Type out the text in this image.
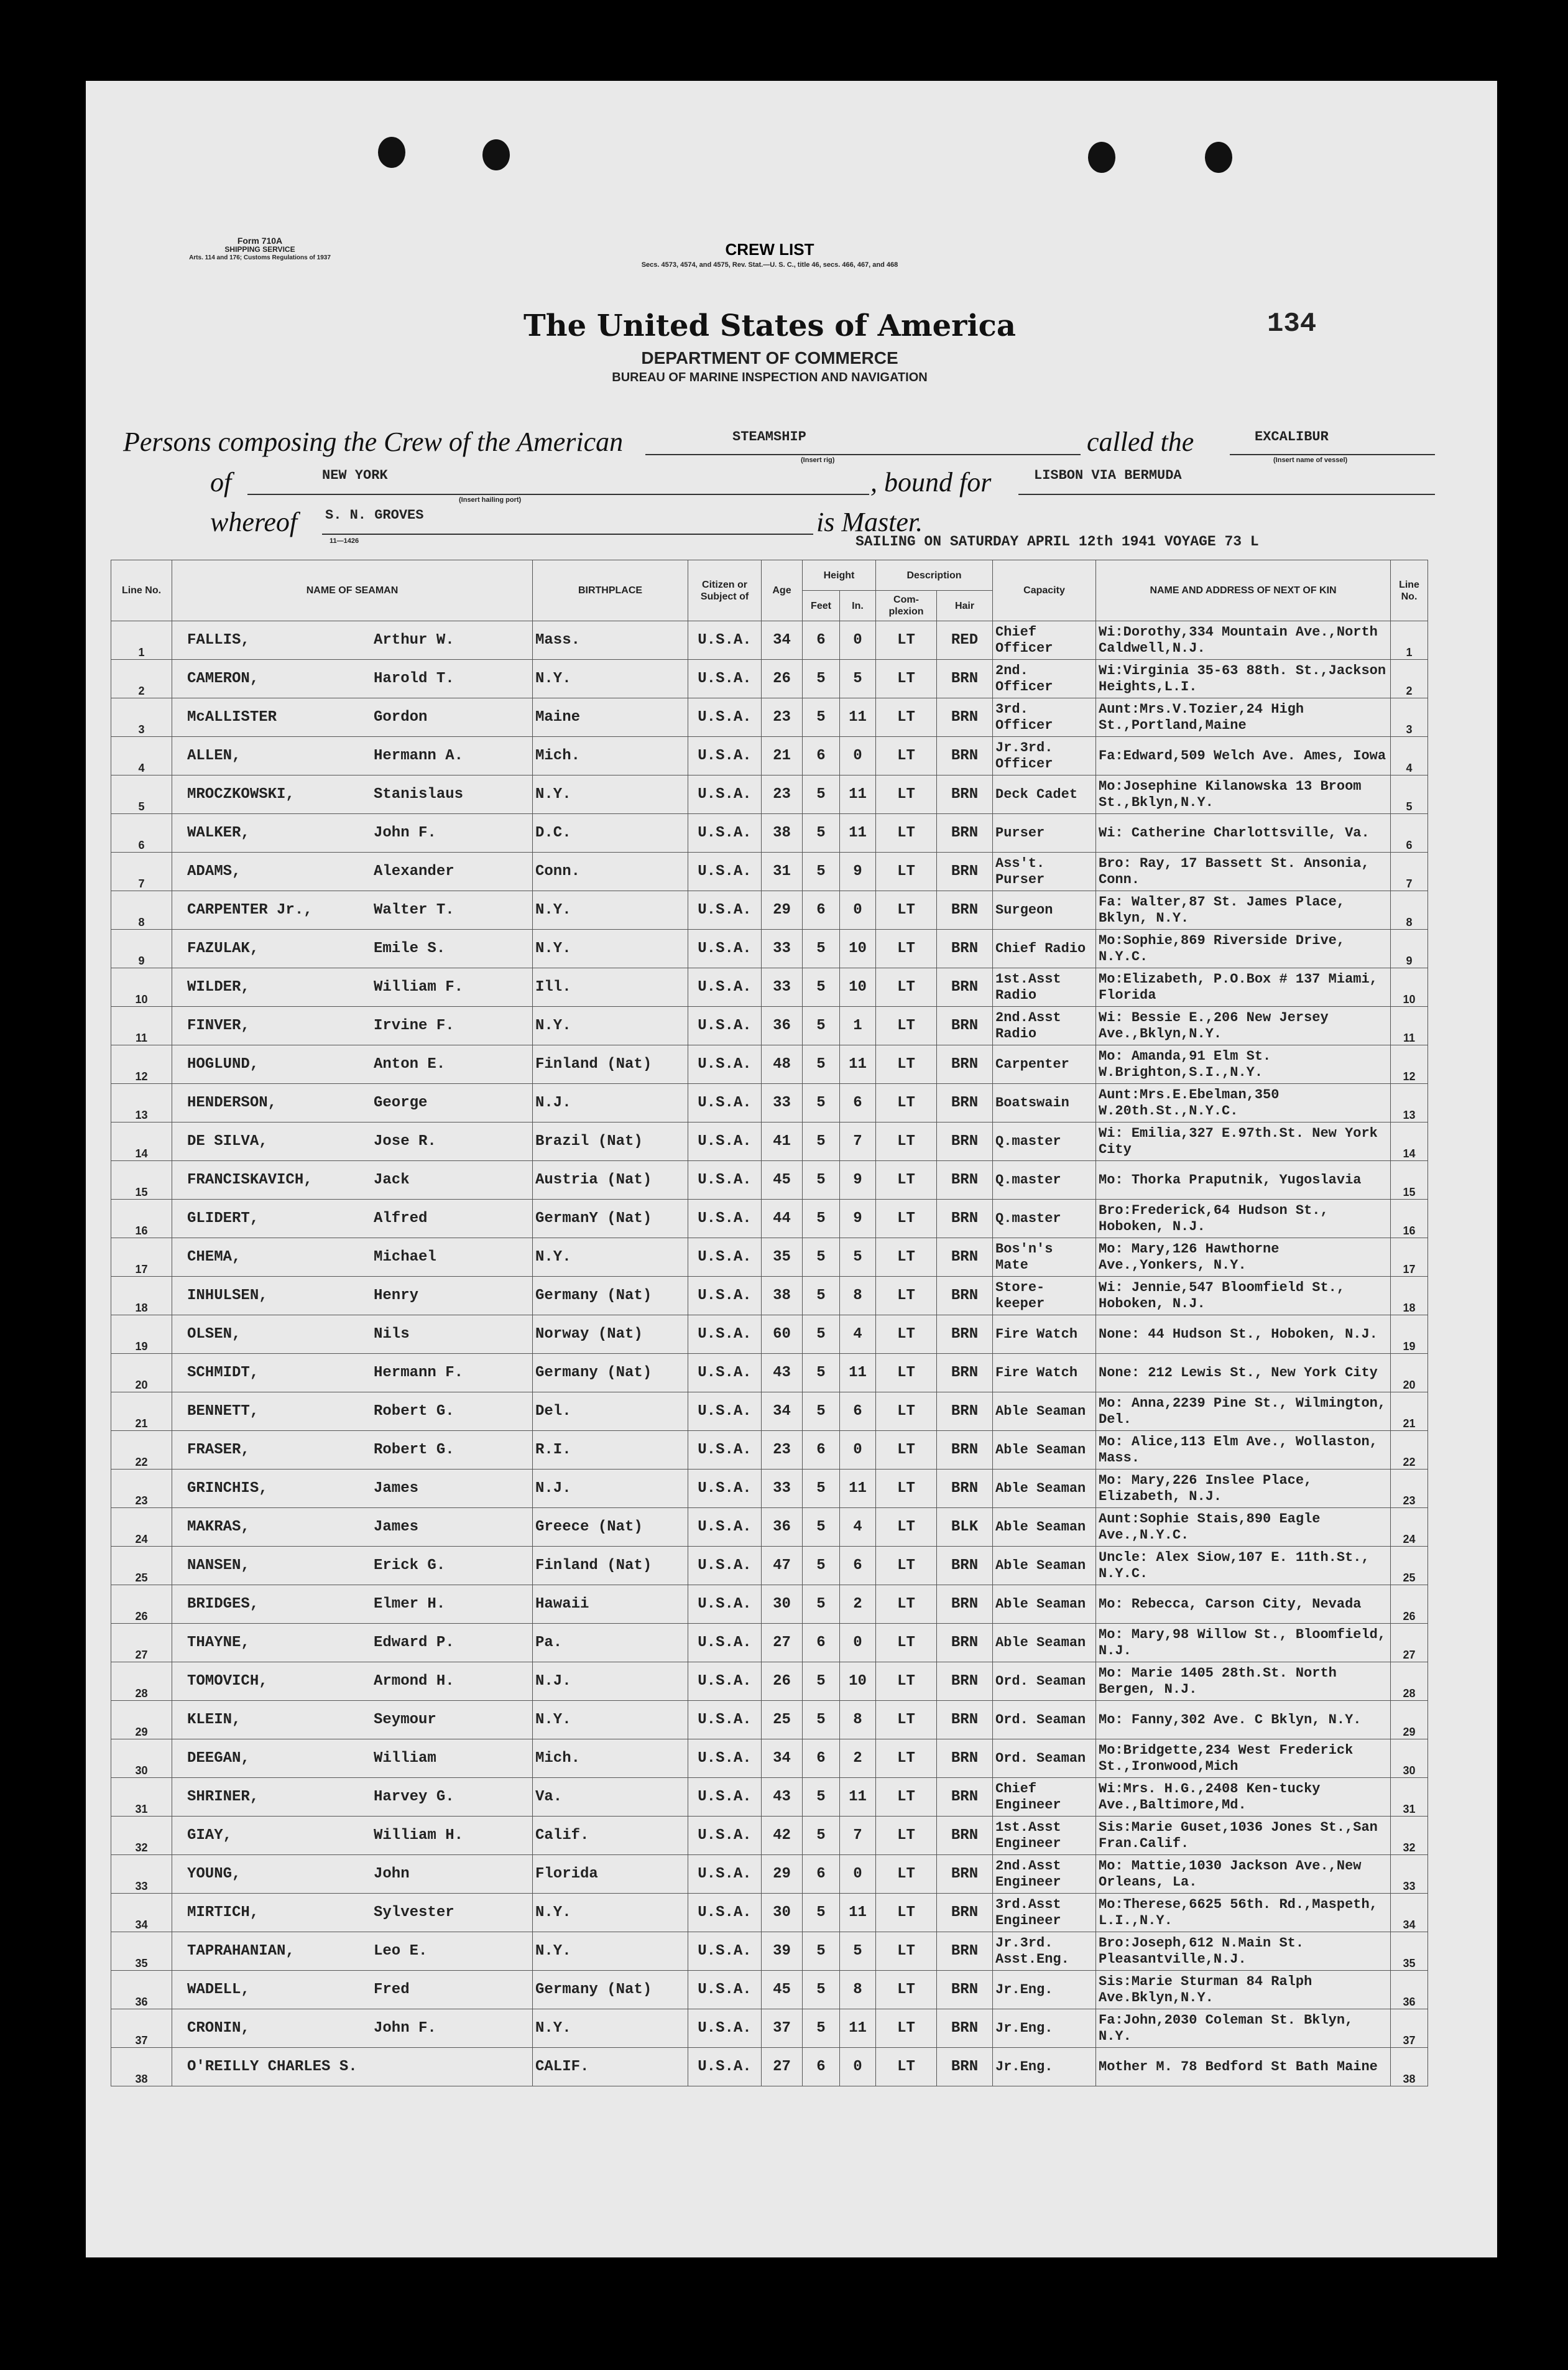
Form 710A
SHIPPING SERVICE
Arts. 114 and 176; Customs Regulations of 1937	CREW LIST
Secs. 4573, 4574, and 4575, Rev. Stat.—U. S. C., title 46, secs. 466, 467, and 468
The United States of America
DEPARTMENT OF COMMERCE
BUREAU OF MARINE INSPECTION AND NAVIGATION
134
Persons composing the Crew of the American	STEAMSHIP
(Insert rig)
called the	EXCALIBUR
(Insert name of vessel)
of	NEW YORK
(Insert hailing port)
, bound for	LISBON VIA BERMUDA
whereof S. N. GROVES
11—1426
is Master.
SAILING ON SATURDAY APRIL 12th 1941 VOYAGE 73 L
Line No.	NAME OF SEAMAN	BIRTHPLACE	Citizen or Subject of	Age	Height		Description		Capacity	NAME AND ADDRESS OF NEXT OF KIN	Line No.
					Feet	In.	Com-plexion	Hair			
1	FALLIS, Arthur W.	Mass.	U.S.A.	34	6	0	LT	RED	Chief Officer	Wi:Dorothy,334 Mountain Ave.,North Caldwell,N.J.	1
2	CAMERON, Harold T.	N.Y.	U.S.A.	26	5	5	LT	BRN	2nd. Officer	Wi:Virginia 35-63 88th. St.,Jackson Heights,L.I.	2
3	McALLISTER Gordon	Maine	U.S.A.	23	5	11	LT	BRN	3rd. Officer	Aunt:Mrs.V.Tozier,24 High St.,Portland,Maine	3
4	ALLEN, Hermann A.	Mich.	U.S.A.	21	6	0	LT	BRN	Jr.3rd. Officer	Fa:Edward,509 Welch Ave. Ames, Iowa	4
5	MROCZKOWSKI, Stanislaus	N.Y.	U.S.A.	23	5	11	LT	BRN	Deck Cadet	Mo:Josephine Kilanowska 13 Broom St.,Bklyn,N.Y.	5
6	WALKER, John F.	D.C.	U.S.A.	38	5	11	LT	BRN	Purser	Wi: Catherine Charlottsville, Va.	6
7	ADAMS, Alexander	Conn.	U.S.A.	31	5	9	LT	BRN	Ass't. Purser	Bro: Ray, 17 Bassett St. Ansonia, Conn.	7
8	CARPENTER Jr., Walter T.	N.Y.	U.S.A.	29	6	0	LT	BRN	Surgeon	Fa: Walter,87 St. James Place, Bklyn, N.Y.	8
9	FAZULAK, Emile S.	N.Y.	U.S.A.	33	5	10	LT	BRN	Chief Radio	Mo:Sophie,869 Riverside Drive, N.Y.C.	9
10	WILDER, William F.	Ill.	U.S.A.	33	5	10	LT	BRN	1st.Asst Radio	Mo:Elizabeth, P.O.Box # 137 Miami, Florida	10
11	FINVER, Irvine F.	N.Y.	U.S.A.	36	5	1	LT	BRN	2nd.Asst Radio	Wi: Bessie E.,206 New Jersey Ave.,Bklyn,N.Y.	11
12	HOGLUND, Anton E.	Finland (Nat)	U.S.A.	48	5	11	LT	BRN	Carpenter	Mo: Amanda,91 Elm St. W.Brighton,S.I.,N.Y.	12
13	HENDERSON, George	N.J.	U.S.A.	33	5	6	LT	BRN	Boatswain	Aunt:Mrs.E.Ebelman,350 W.20th.St.,N.Y.C.	13
14	DE SILVA, Jose R.	Brazil (Nat)	U.S.A.	41	5	7	LT	BRN	Q.master	Wi: Emilia,327 E.97th.St. New York City	14
15	FRANCISKAVICH, Jack	Austria (Nat)	U.S.A.	45	5	9	LT	BRN	Q.master	Mo: Thorka Praputnik, Yugoslavia	15
16	GLIDERT, Alfred	GermanY (Nat)	U.S.A.	44	5	9	LT	BRN	Q.master	Bro:Frederick,64 Hudson St., Hoboken, N.J.	16
17	CHEMA, Michael	N.Y.	U.S.A.	35	5	5	LT	BRN	Bos'n's Mate	Mo: Mary,126 Hawthorne Ave.,Yonkers, N.Y.	17
18	INHULSEN, Henry	Germany (Nat)	U.S.A.	38	5	8	LT	BRN	Store-keeper	Wi: Jennie,547 Bloomfield St., Hoboken, N.J.	18
19	OLSEN, Nils	Norway (Nat)	U.S.A.	60	5	4	LT	BRN	Fire Watch	None: 44 Hudson St., Hoboken, N.J.	19
20	SCHMIDT, Hermann F.	Germany (Nat)	U.S.A.	43	5	11	LT	BRN	Fire Watch	None: 212 Lewis St., New York City	20
21	BENNETT, Robert G.	Del.	U.S.A.	34	5	6	LT	BRN	Able Seaman	Mo: Anna,2239 Pine St., Wilmington, Del.	21
22	FRASER, Robert G.	R.I.	U.S.A.	23	6	0	LT	BRN	Able Seaman	Mo: Alice,113 Elm Ave., Wollaston, Mass.	22
23	GRINCHIS, James	N.J.	U.S.A.	33	5	11	LT	BRN	Able Seaman	Mo: Mary,226 Inslee Place, Elizabeth, N.J.	23
24	MAKRAS, James	Greece (Nat)	U.S.A.	36	5	4	LT	BLK	Able Seaman	Aunt:Sophie Stais,890 Eagle Ave.,N.Y.C.	24
25	NANSEN, Erick G.	Finland (Nat)	U.S.A.	47	5	6	LT	BRN	Able Seaman	Uncle: Alex Siow,107 E. 11th.St., N.Y.C.	25
26	BRIDGES, Elmer H.	Hawaii	U.S.A.	30	5	2	LT	BRN	Able Seaman	Mo: Rebecca, Carson City, Nevada	26
27	THAYNE, Edward P.	Pa.	U.S.A.	27	6	0	LT	BRN	Able Seaman	Mo: Mary,98 Willow St., Bloomfield, N.J.	27
28	TOMOVICH, Armond H.	N.J.	U.S.A.	26	5	10	LT	BRN	Ord. Seaman	Mo: Marie 1405 28th.St. North Bergen, N.J.	28
29	KLEIN, Seymour	N.Y.	U.S.A.	25	5	8	LT	BRN	Ord. Seaman	Mo: Fanny,302 Ave. C Bklyn, N.Y.	29
30	DEEGAN, William	Mich.	U.S.A.	34	6	2	LT	BRN	Ord. Seaman	Mo:Bridgette,234 West Frederick St.,Ironwood,Mich	30
31	SHRINER, Harvey G.	Va.	U.S.A.	43	5	11	LT	BRN	Chief Engineer	Wi:Mrs. H.G.,2408 Ken-tucky Ave.,Baltimore,Md.	31
32	GIAY, William H.	Calif.	U.S.A.	42	5	7	LT	BRN	1st.Asst Engineer	Sis:Marie Guset,1036 Jones St.,San Fran.Calif.	32
33	YOUNG, John	Florida	U.S.A.	29	6	0	LT	BRN	2nd.Asst Engineer	Mo: Mattie,1030 Jackson Ave.,New Orleans, La.	33
34	MIRTICH, Sylvester	N.Y.	U.S.A.	30	5	11	LT	BRN	3rd.Asst Engineer	Mo:Therese,6625 56th. Rd.,Maspeth, L.I.,N.Y.	34
35	TAPRAHANIAN, Leo E.	N.Y.	U.S.A.	39	5	5	LT	BRN	Jr.3rd. Asst.Eng.	Bro:Joseph,612 N.Main St. Pleasantville,N.J.	35
36	WADELL, Fred	Germany (Nat)	U.S.A.	45	5	8	LT	BRN	Jr.Eng.	Sis:Marie Sturman 84 Ralph Ave.Bklyn,N.Y.	36
37	CRONIN, John F.	N.Y.	U.S.A.	37	5	11	LT	BRN	Jr.Eng.	Fa:John,2030 Coleman St. Bklyn, N.Y.	37
38	O'REILLY CHARLES S.	CALIF.	U.S.A.	27	6	0	LT	BRN	Jr.Eng.	Mother M. 78 Bedford St Bath Maine	38
